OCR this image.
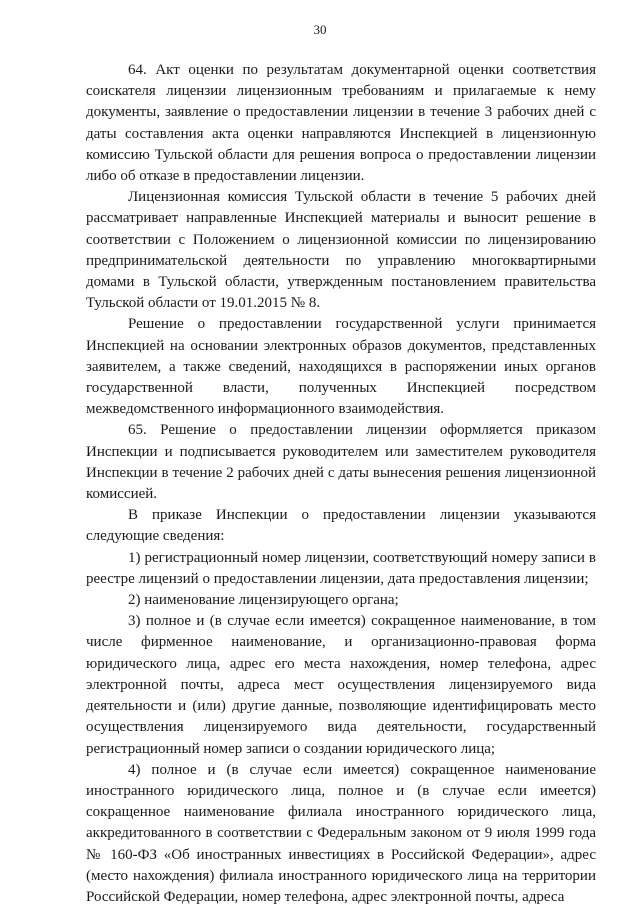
30

64. Акт оценки по результатам документарной оценки соответствия соискателя лицензии лицензионным требованиям и прилагаемые к нему документы, заявление о предоставлении лицензии в течение 3 рабочих дней с даты составления акта оценки направляются Инспекцией в лицензионную комиссию Тульской области для решения вопроса о предоставлении лицензии либо об отказе в предоставлении лицензии.

Лицензионная комиссия Тульской области в течение 5 рабочих дней рассматривает направленные Инспекцией материалы и выносит решение в соответствии с Положением о лицензионной комиссии по лицензированию предпринимательской деятельности по управлению многоквартирными домами в Тульской области, утвержденным постановлением правительства Тульской области от 19.01.2015 № 8.

Решение о предоставлении государственной услуги принимается Инспекцией на основании электронных образов документов, представленных заявителем, а также сведений, находящихся в распоряжении иных органов государственной власти, полученных Инспекцией посредством межведомственного информационного взаимодействия.

65. Решение о предоставлении лицензии оформляется приказом Инспекции и подписывается руководителем или заместителем руководителя Инспекции в течение 2 рабочих дней с даты вынесения решения лицензионной комиссией.

В приказе Инспекции о предоставлении лицензии указываются следующие сведения:

1) регистрационный номер лицензии, соответствующий номеру записи в реестре лицензий о предоставлении лицензии, дата предоставления лицензии;

2) наименование лицензирующего органа;

3) полное и (в случае если имеется) сокращенное наименование, в том числе фирменное наименование, и организационно-правовая форма юридического лица, адрес его места нахождения, номер телефона, адрес электронной почты, адреса мест осуществления лицензируемого вида деятельности и (или) другие данные, позволяющие идентифицировать место осуществления лицензируемого вида деятельности, государственный регистрационный номер записи о создании юридического лица;

4) полное и (в случае если имеется) сокращенное наименование иностранного юридического лица, полное и (в случае если имеется) сокращенное наименование филиала иностранного юридического лица, аккредитованного в соответствии с Федеральным законом от 9 июля 1999 года № 160-ФЗ «Об иностранных инвестициях в Российской Федерации», адрес (место нахождения) филиала иностранного юридического лица на территории Российской Федерации, номер телефона, адрес электронной почты, адреса
